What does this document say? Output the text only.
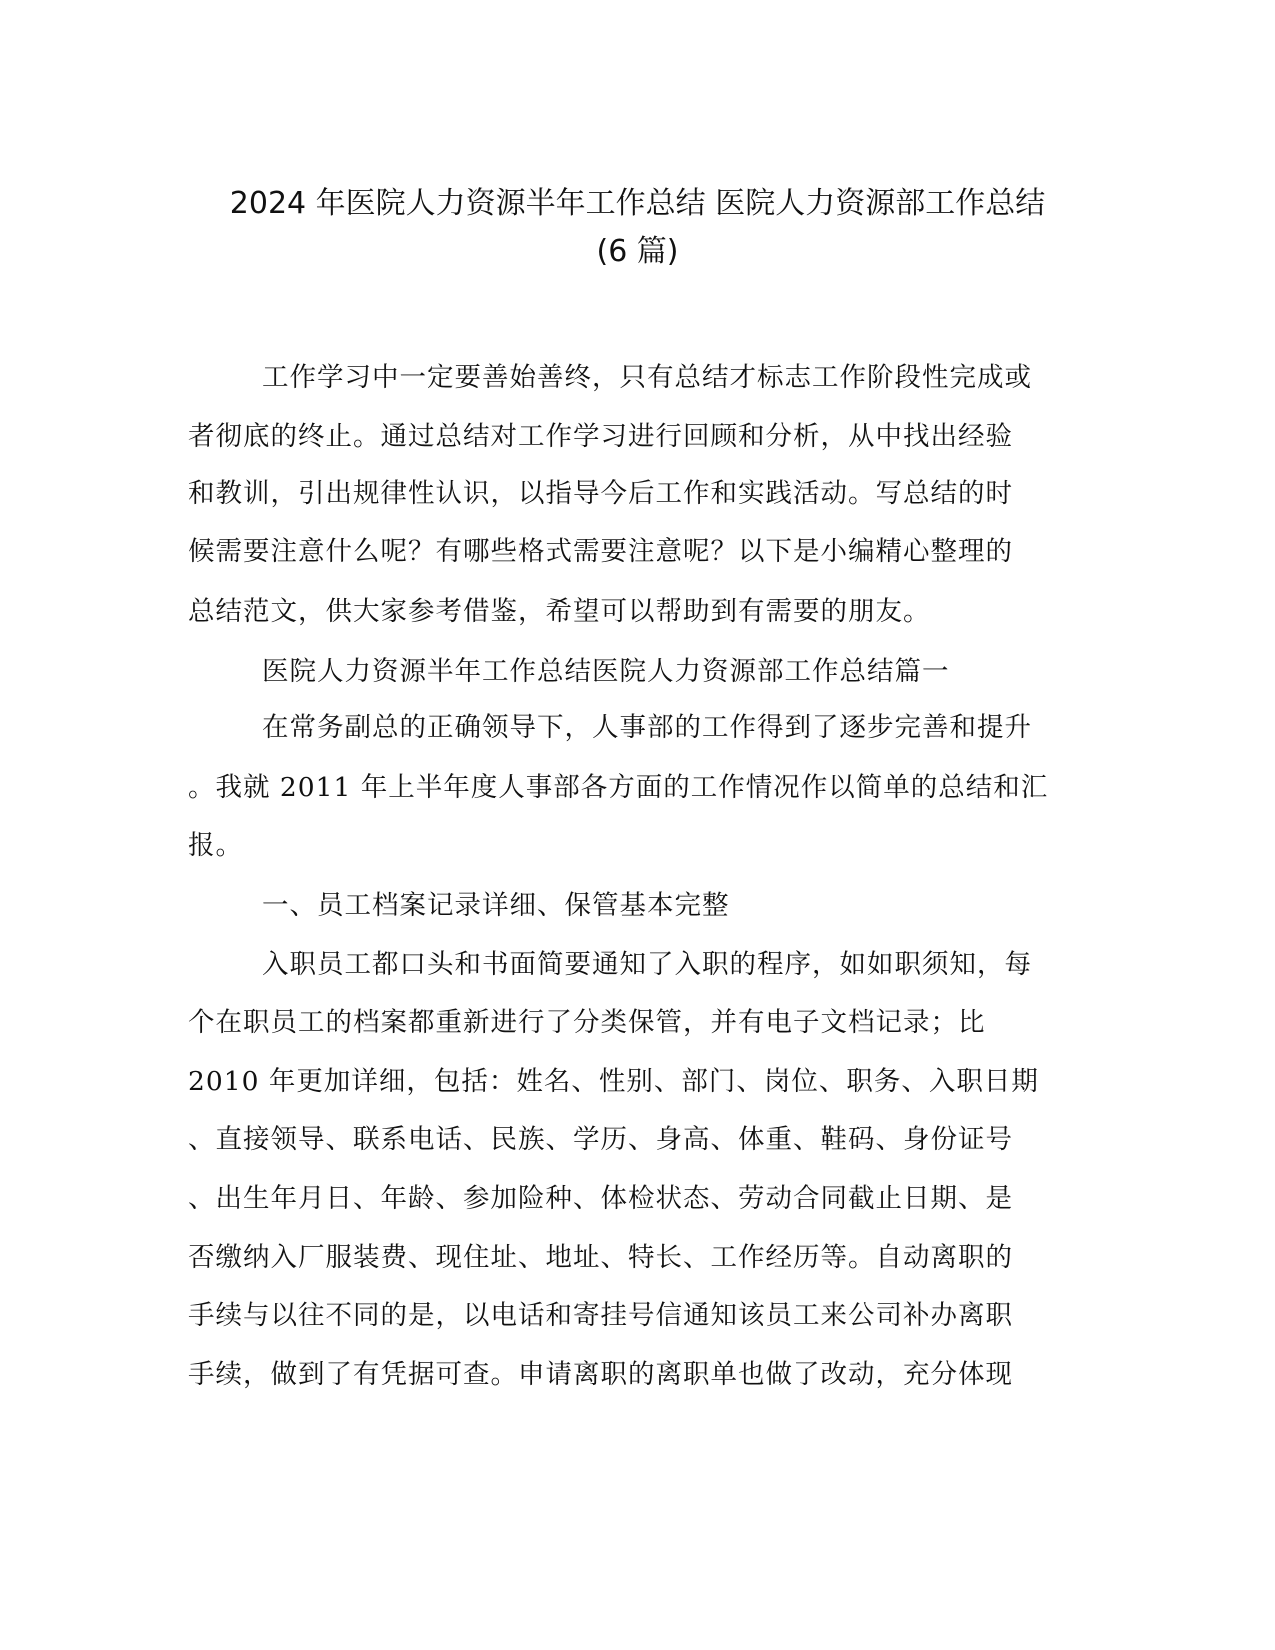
2024 年医院人力资源半年工作总结 医院人力资源部工作总结
(6 篇)
工作学习中一定要善始善终，只有总结才标志工作阶段性完成或
者彻底的终止。通过总结对工作学习进行回顾和分析，从中找出经验
和教训，引出规律性认识，以指导今后工作和实践活动。写总结的时
候需要注意什么呢？有哪些格式需要注意呢？以下是小编精心整理的
总结范文，供大家参考借鉴，希望可以帮助到有需要的朋友。
医院人力资源半年工作总结医院人力资源部工作总结篇一
在常务副总的正确领导下，人事部的工作得到了逐步完善和提升
。我就 2011 年上半年度人事部各方面的工作情况作以简单的总结和汇
报。
一、员工档案记录详细、保管基本完整
入职员工都口头和书面简要通知了入职的程序，如如职须知，每
个在职员工的档案都重新进行了分类保管，并有电子文档记录；比
2010 年更加详细，包括：姓名、性别、部门、岗位、职务、入职日期
、直接领导、联系电话、民族、学历、身高、体重、鞋码、身份证号
、出生年月日、年龄、参加险种、体检状态、劳动合同截止日期、是
否缴纳入厂服装费、现住址、地址、特长、工作经历等。自动离职的
手续与以往不同的是，以电话和寄挂号信通知该员工来公司补办离职
手续，做到了有凭据可查。申请离职的离职单也做了改动，充分体现
